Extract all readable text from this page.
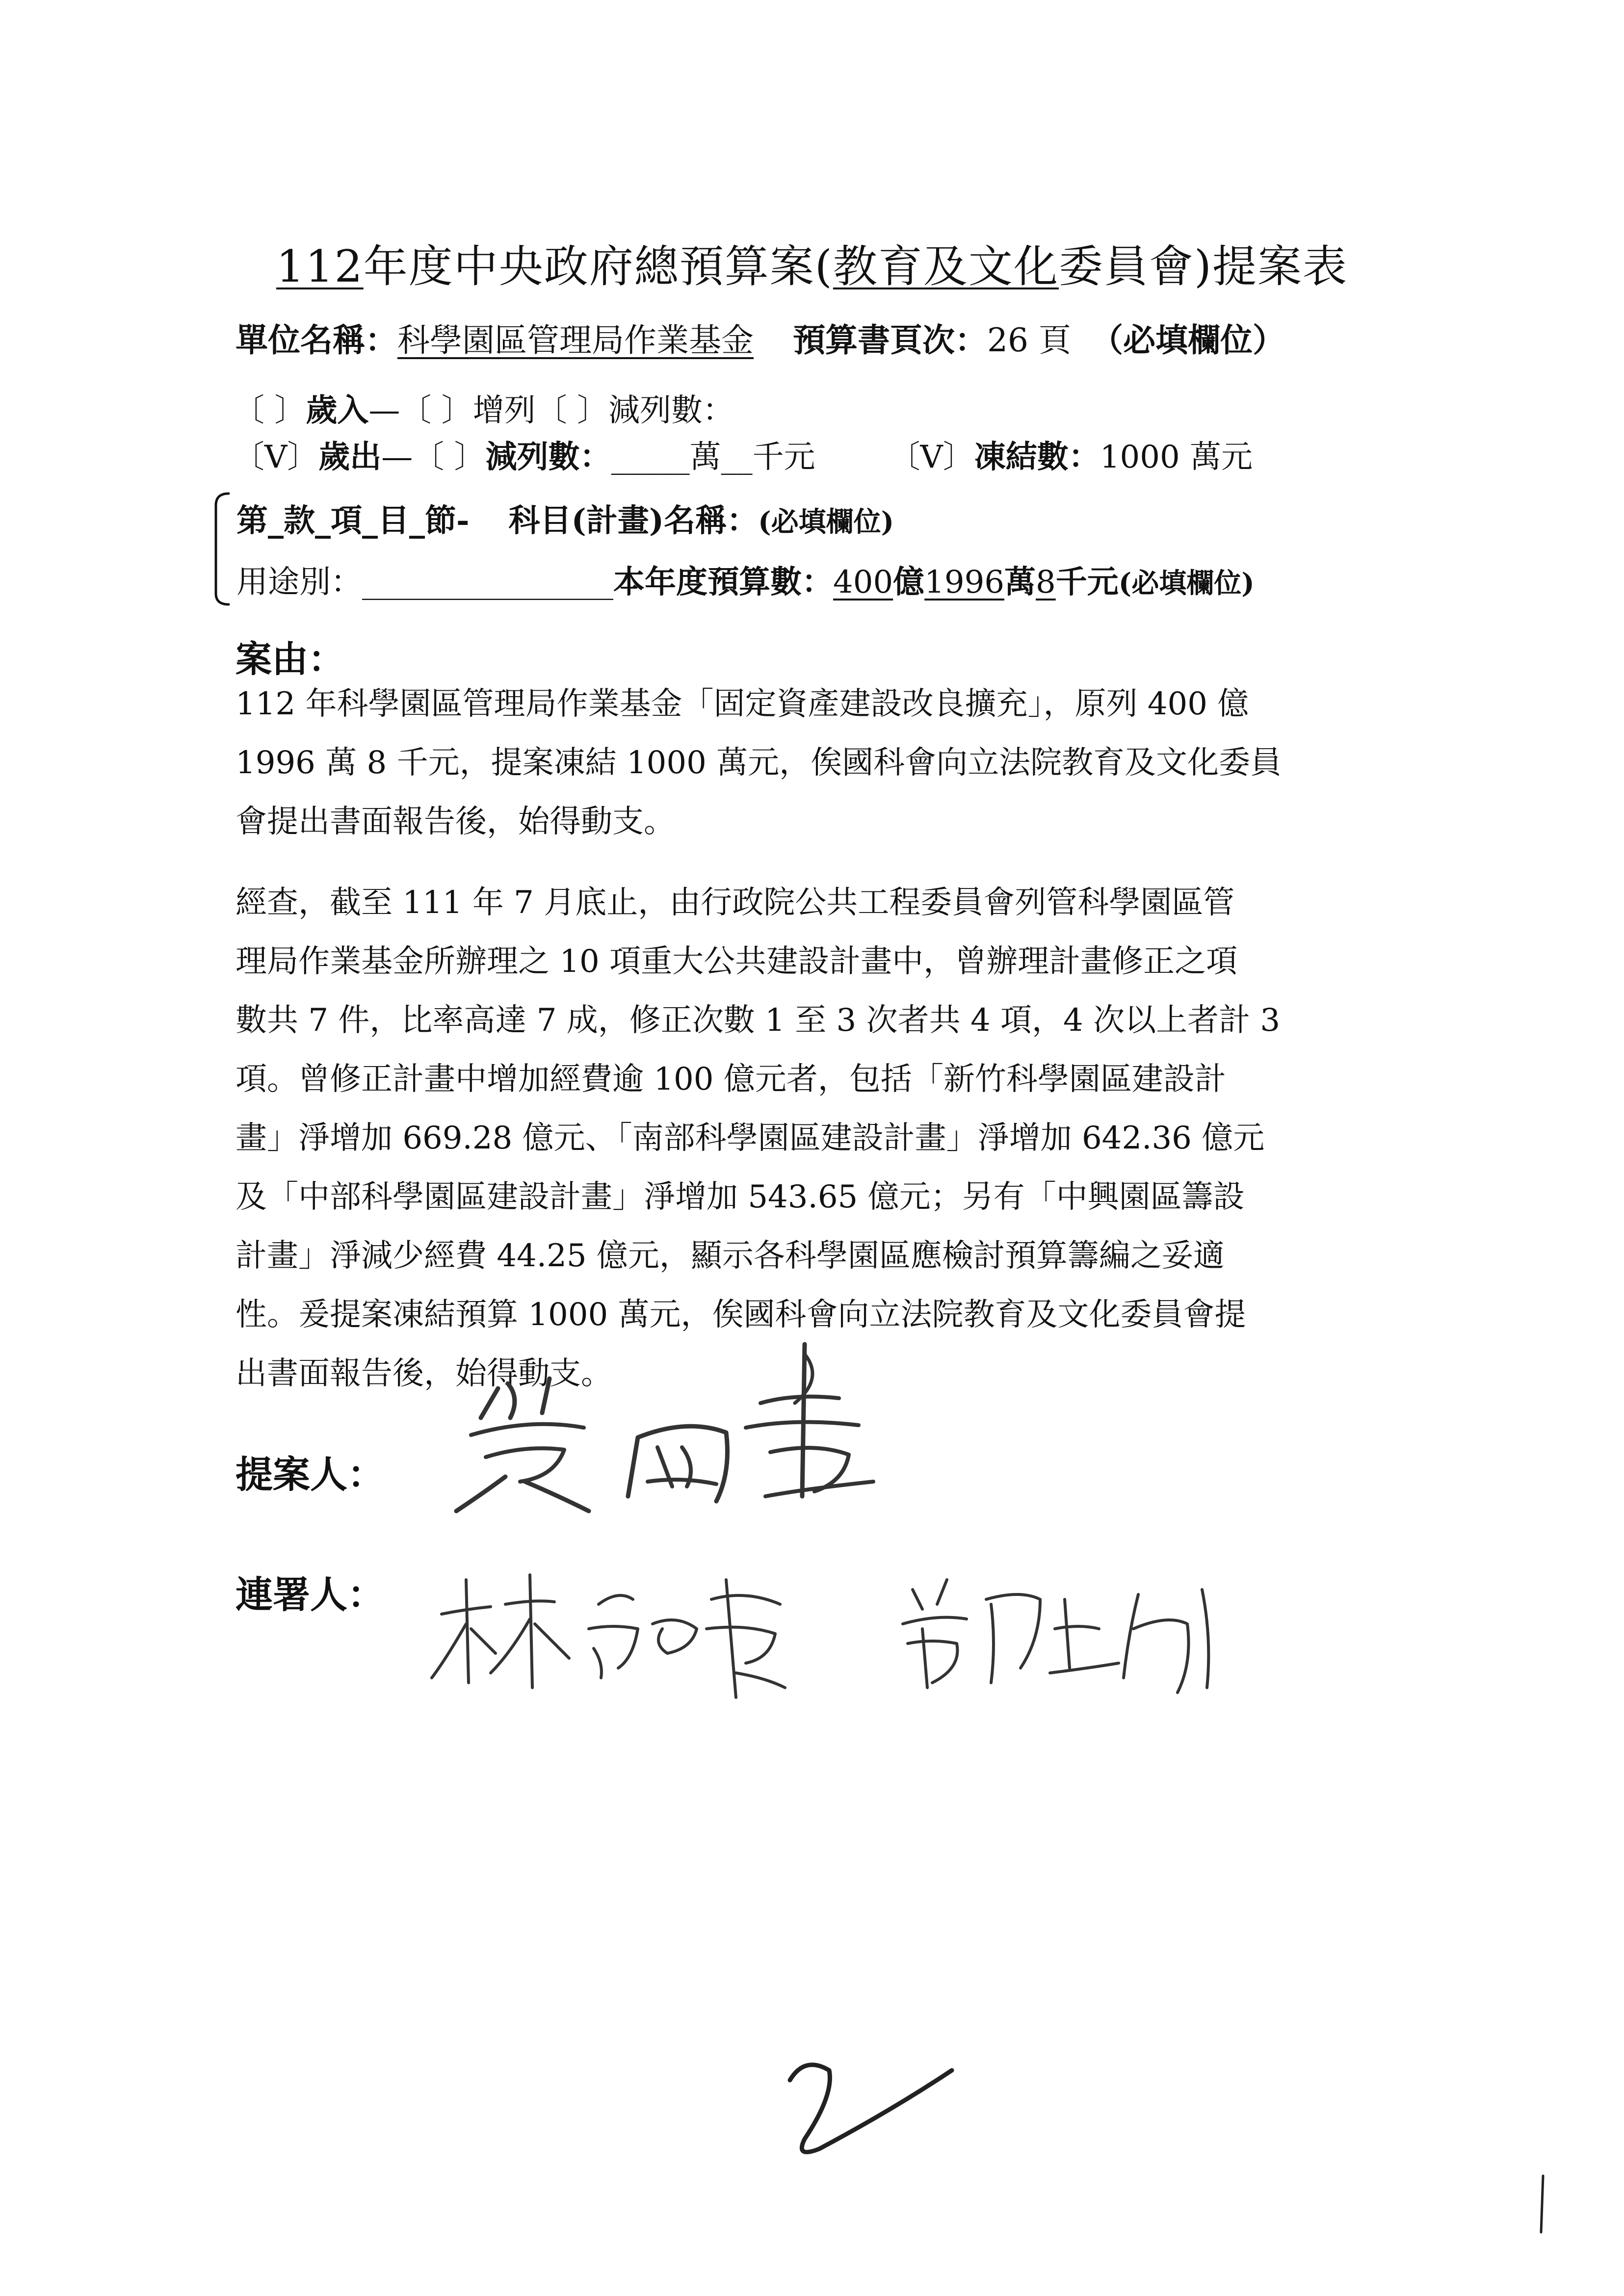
112年度中央政府總預算案(教育及文化委員會)提案表
單位名稱：科學園區管理局作業基金 預算書頁次：26 頁 （必填欄位）
〔 〕歲入—〔 〕增列〔 〕減列數：
〔V〕歲出—〔 〕減列數：_____萬__千元 〔V〕凍結數：1000 萬元
第_款_項_目_節- 科目(計畫)名稱：(必填欄位)
用途別：________________本年度預算數：400億1996萬8千元(必填欄位)
案由：
112 年科學園區管理局作業基金「固定資產建設改良擴充」，原列 400 億
1996 萬 8 千元，提案凍結 1000 萬元，俟國科會向立法院教育及文化委員
會提出書面報告後，始得動支。
經查，截至 111 年 7 月底止，由行政院公共工程委員會列管科學園區管
理局作業基金所辦理之 10 項重大公共建設計畫中，曾辦理計畫修正之項
數共 7 件，比率高達 7 成，修正次數 1 至 3 次者共 4 項，4 次以上者計 3
項。曾修正計畫中增加經費逾 100 億元者，包括「新竹科學園區建設計
畫」淨增加 669.28 億元、「南部科學園區建設計畫」淨增加 642.36 億元
及「中部科學園區建設計畫」淨增加 543.65 億元；另有「中興園區籌設
計畫」淨減少經費 44.25 億元，顯示各科學園區應檢討預算籌編之妥適
性。爰提案凍結預算 1000 萬元，俟國科會向立法院教育及文化委員會提
出書面報告後，始得動支。
提案人：
連署人：
